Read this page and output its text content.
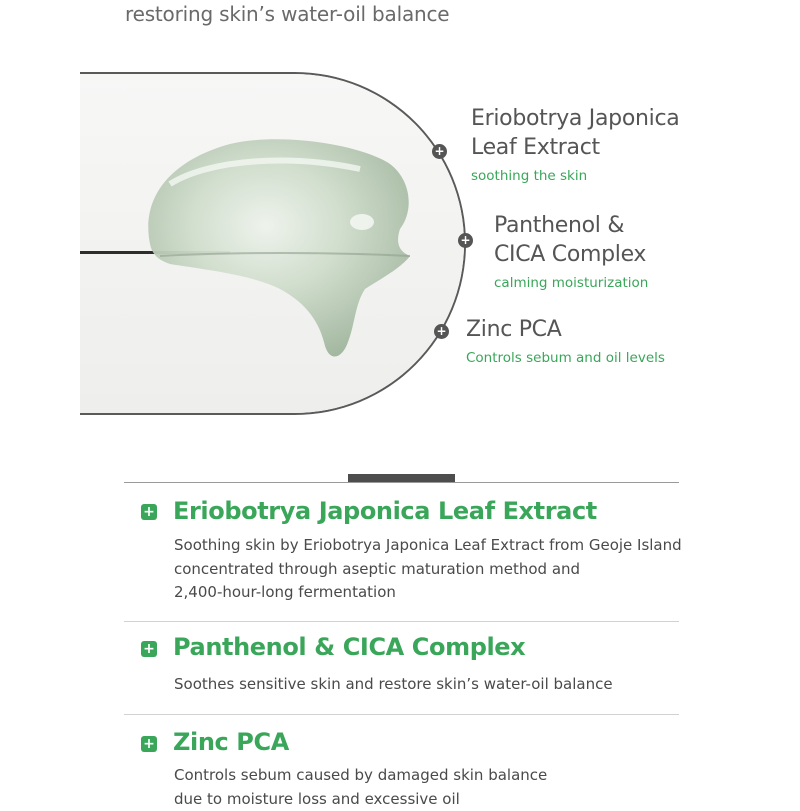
restoring skin’s water-oil balance
+
Eriobotrya Japonica
Leaf Extract
soothing the skin
+
Panthenol &
CICA Complex
calming moisturization
+ Zinc PCA
Controls sebum and oil levels
+ Eriobotrya Japonica Leaf Extract
Soothing skin by Eriobotrya Japonica Leaf Extract from Geoje Island
concentrated through aseptic maturation method and
2,400-hour-long fermentation
+ Panthenol & CICA Complex
Soothes sensitive skin and restore skin’s water-oil balance
+ Zinc PCA
Controls sebum caused by damaged skin balance
due to moisture loss and excessive oil
